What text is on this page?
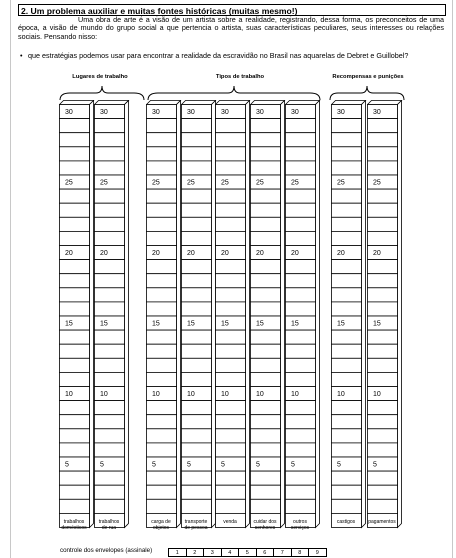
2. Um problema auxiliar e muitas fontes históricas (muitas mesmo!)

Uma obra de arte é a visão de um artista sobre a realidade, registrando, dessa forma, os preconceitos de uma época, a visão de mundo do grupo social a que pertencia o artista, suas características peculiares, seus interesses ou relações sociais. Pensando nisso:

• que estratégias podemos usar para encontrar a realidade da escravidão no Brasil nas aquarelas de Debret e Guillobel?
Lugares de trabalho	Tipos de trabalho	Recompensas e punições
30
25
20
15
10
5
30
25
20
15
10
5
30
25
20
15
10
5
30
25
20
15
10
5
30
25
20
15
10
5
30
25
20
15
10
5
30
25
20
15
10
5
30
25
20
15
10
5
30
25
20
15
10
5
trabalhos
domésticos
trabalhos
de rua
carga de
objetos
transporte
de pessoa
venda	cuidar dos
senhores
outros
serviços
castigos	pagamentos
controle dos envelopes (assinale)	1	2	3	4	5	6	7	8	9
